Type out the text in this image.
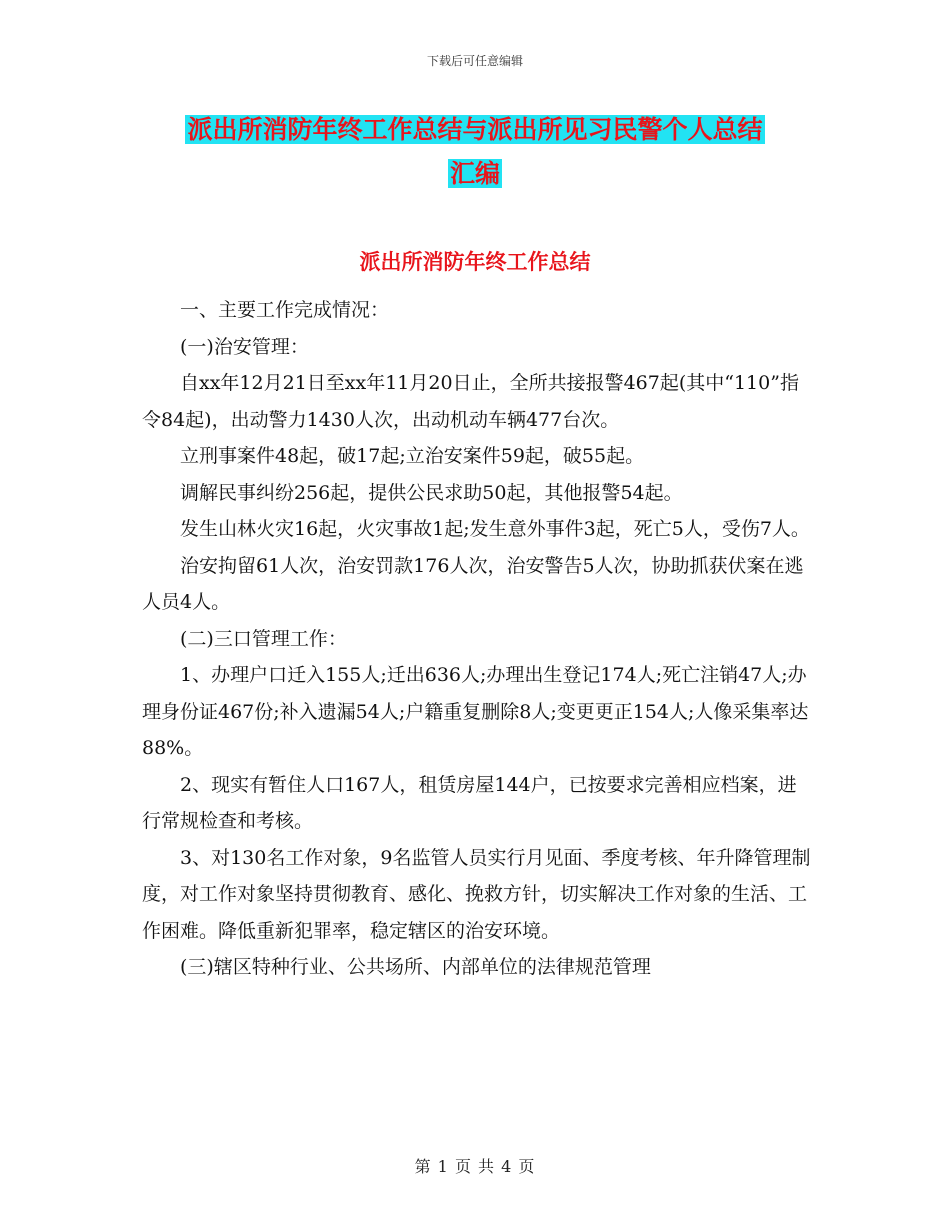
下载后可任意编辑
派出所消防年终工作总结与派出所见习民警个人总结
汇编
派出所消防年终工作总结

一、主要工作完成情况：

(一)治安管理：

自xx年12月21日至xx年11月20日止，全所共接报警467起(其中“110”指令84起)，出动警力1430人次，出动机动车辆477台次。

立刑事案件48起，破17起;立治安案件59起，破55起。

调解民事纠纷256起，提供公民求助50起，其他报警54起。

发生山林火灾16起，火灾事故1起;发生意外事件3起，死亡5人，受伤7人。

治安拘留61人次，治安罚款176人次，治安警告5人次，协助抓获伏案在逃人员4人。

(二)三口管理工作：

1、办理户口迁入155人;迁出636人;办理出生登记174人;死亡注销47人;办理身份证467份;补入遗漏54人;户籍重复删除8人;变更更正154人;人像采集率达88%。

2、现实有暂住人口167人，租赁房屋144户，已按要求完善相应档案，进行常规检查和考核。

3、对130名工作对象，9名监管人员实行月见面、季度考核、年升降管理制度，对工作对象坚持贯彻教育、感化、挽救方针，切实解决工作对象的生活、工作困难。降低重新犯罪率，稳定辖区的治安环境。

(三)辖区特种行业、公共场所、内部单位的法律规范管理

第 1 页 共 4 页
